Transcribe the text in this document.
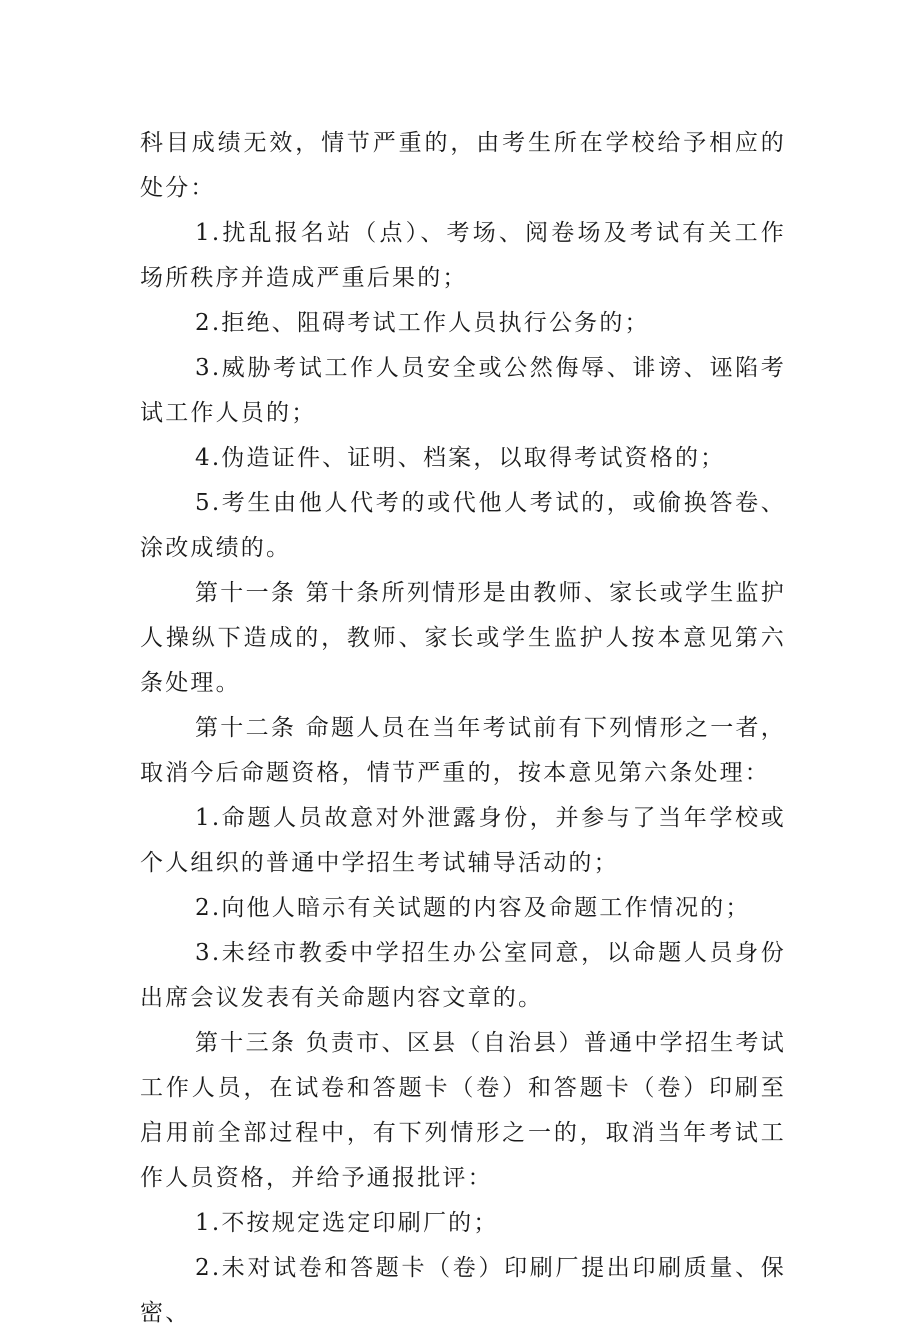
科目成绩无效，情节严重的，由考生所在学校给予相应的处分：

1.扰乱报名站（点）、考场、阅卷场及考试有关工作场所秩序并造成严重后果的；

2.拒绝、阻碍考试工作人员执行公务的；

3.威胁考试工作人员安全或公然侮辱、诽谤、诬陷考试工作人员的；

4.伪造证件、证明、档案，以取得考试资格的；

5.考生由他人代考的或代他人考试的，或偷换答卷、涂改成绩的。

第十一条 第十条所列情形是由教师、家长或学生监护人操纵下造成的，教师、家长或学生监护人按本意见第六条处理。

第十二条 命题人员在当年考试前有下列情形之一者，取消今后命题资格，情节严重的，按本意见第六条处理：

1.命题人员故意对外泄露身份，并参与了当年学校或个人组织的普通中学招生考试辅导活动的；

2.向他人暗示有关试题的内容及命题工作情况的；

3.未经市教委中学招生办公室同意，以命题人员身份出席会议发表有关命题内容文章的。

第十三条 负责市、区县（自治县）普通中学招生考试工作人员，在试卷和答题卡（卷）和答题卡（卷）印刷至启用前全部过程中，有下列情形之一的，取消当年考试工作人员资格，并给予通报批评：

1.不按规定选定印刷厂的；

2.未对试卷和答题卡（卷）印刷厂提出印刷质量、保密、
